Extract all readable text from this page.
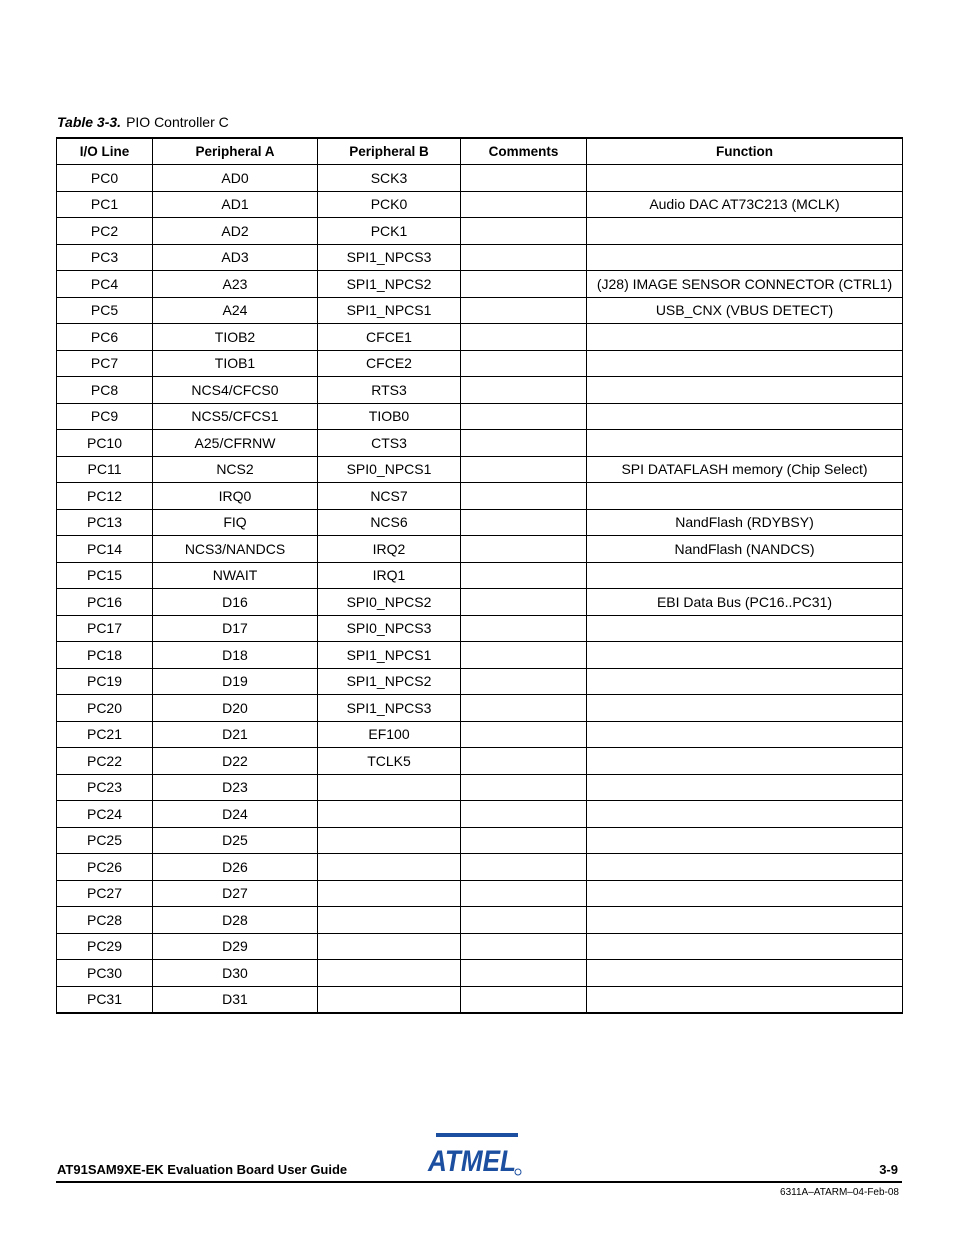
Table 3-3. PIO Controller C
I/O Line	Peripheral A	Peripheral B	Comments	Function
PC0	AD0	SCK3		
PC1	AD1	PCK0		Audio DAC AT73C213 (MCLK)
PC2	AD2	PCK1		
PC3	AD3	SPI1_NPCS3		
PC4	A23	SPI1_NPCS2		(J28) IMAGE SENSOR CONNECTOR (CTRL1)
PC5	A24	SPI1_NPCS1		USB_CNX (VBUS DETECT)
PC6	TIOB2	CFCE1		
PC7	TIOB1	CFCE2		
PC8	NCS4/CFCS0	RTS3		
PC9	NCS5/CFCS1	TIOB0		
PC10	A25/CFRNW	CTS3		
PC11	NCS2	SPI0_NPCS1		SPI DATAFLASH memory (Chip Select)
PC12	IRQ0	NCS7		
PC13	FIQ	NCS6		NandFlash (RDYBSY)
PC14	NCS3/NANDCS	IRQ2		NandFlash (NANDCS)
PC15	NWAIT	IRQ1		
PC16	D16	SPI0_NPCS2		EBI Data Bus (PC16..PC31)
PC17	D17	SPI0_NPCS3		
PC18	D18	SPI1_NPCS1		
PC19	D19	SPI1_NPCS2		
PC20	D20	SPI1_NPCS3		
PC21	D21	EF100		
PC22	D22	TCLK5		
PC23	D23			
PC24	D24			
PC25	D25			
PC26	D26			
PC27	D27			
PC28	D28			
PC29	D29			
PC30	D30			
PC31	D31			
AT91SAM9XE-EK Evaluation Board User Guide	ATMEL	3-9
6311A–ATARM–04-Feb-08
